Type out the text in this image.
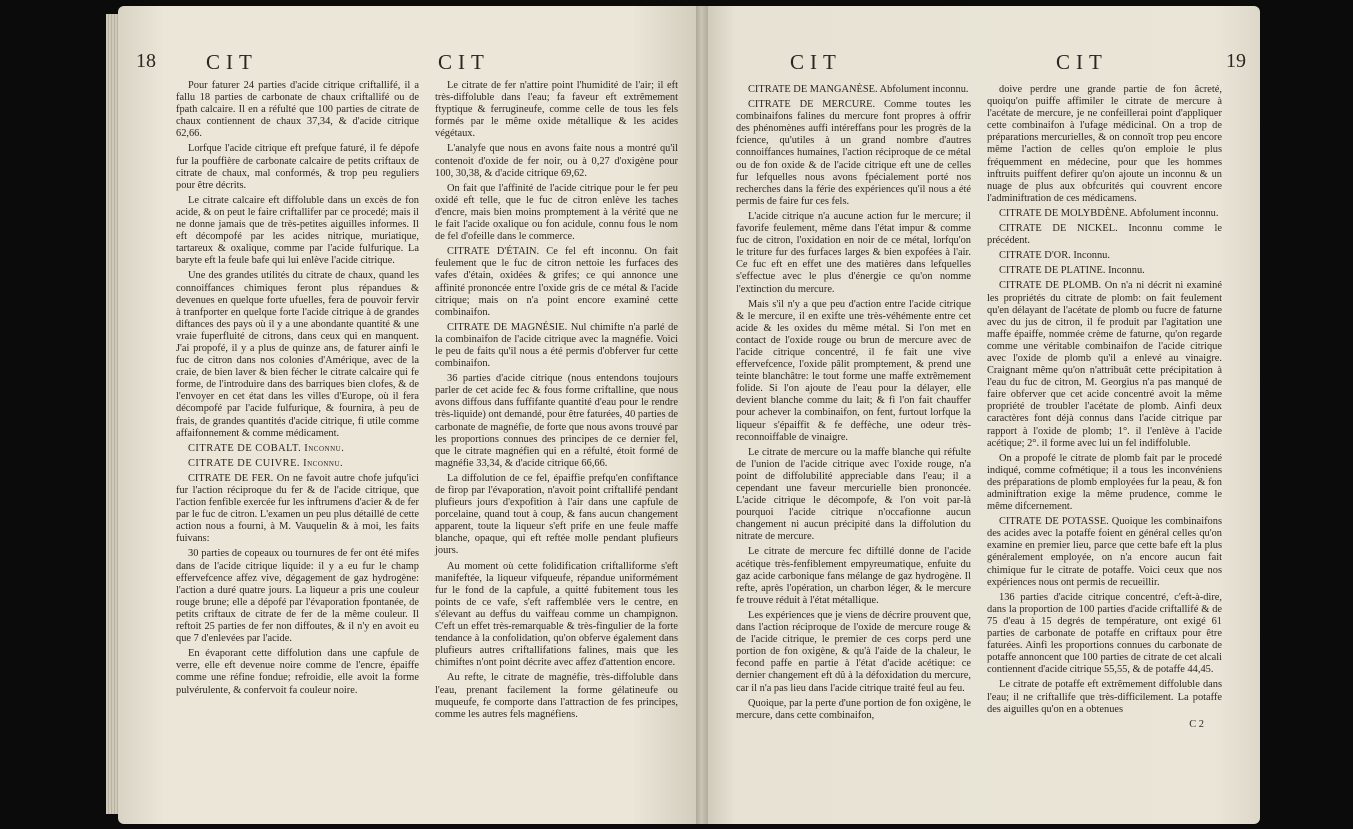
18 CIT	CIT

Pour faturer 24 parties d'acide citrique criftallifé, il a fallu 18 parties de carbonate de chaux criftallifé ou de fpath calcaire. Il en a réfulté que 100 parties de citrate de chaux contiennent de chaux 37,34, & d'acide citrique 62,66.

Lorfque l'acide citrique eft prefque faturé, il fe dépofe fur la pouffière de carbonate calcaire de petits criftaux de citrate de chaux, mal conformés, & trop peu reguliers pour être décrits.

Le citrate calcaire eft diffoluble dans un excès de fon acide, & on peut le faire criftallifer par ce procedé; mais il ne donne jamais que de très-petites aiguilles informes. Il eft décompofé par les acides nitrique, muriatique, tartareux & oxalique, comme par l'acide fulfurique. La baryte eft la feule bafe qui lui enlève l'acide citrique.

Une des grandes utilités du citrate de chaux, quand les connoiffances chimiques feront plus répandues & devenues en quelque forte ufuelles, fera de pouvoir fervir à tranfporter en quelque forte l'acide citrique à de grandes diftances des pays où il y a une abondante quantité & une vraie fuperfluité de citrons, dans ceux qui en manquent. J'ai propofé, il y a plus de quinze ans, de faturer ainfi le fuc de citron dans nos colonies d'Amérique, avec de la craie, de bien laver & bien fécher le citrate calcaire qui fe forme, de l'introduire dans des barriques bien clofes, & de l'envoyer en cet état dans les villes d'Europe, où il fera décompofé par l'acide fulfurique, & fournira, à peu de frais, de grandes quantités d'acide citrique, fi utile comme affaifonnement & comme médicament.

CITRATE DE COBALT. Inconnu.

CITRATE DE CUIVRE. Inconnu.

CITRATE DE FER. On ne favoit autre chofe jufqu'ici fur l'action réciproque du fer & de l'acide citrique, que l'action fenfible exercée fur les inftrumens d'acier & de fer par le fuc de citron. L'examen un peu plus détaillé de cette action nous a fourni, à M. Vauquelin & à moi, les faits fuivans:

30 parties de copeaux ou tournures de fer ont été mifes dans de l'acide citrique liquide: il y a eu fur le champ effervefcence affez vive, dégagement de gaz hydrogène: l'action a duré quatre jours. La liqueur a pris une couleur rouge brune; elle a dépofé par l'évaporation fpontanée, de petits criftaux de citrate de fer de la même couleur. Il reftoit 25 parties de fer non diffoutes, & il n'y en avoit eu que 7 d'enlevées par l'acide.

En évaporant cette diffolution dans une capfule de verre, elle eft devenue noire comme de l'encre, épaiffe comme une réfine fondue; refroidie, elle avoit la forme pulvérulente, & confervoit fa couleur noire.

Le citrate de fer n'attire point l'humidité de l'air; il eft très-diffoluble dans l'eau; fa faveur eft extrêmement ftyptique & ferrugineufe, comme celle de tous les fels formés par le même oxide métallique & les acides végétaux.

L'analyfe que nous en avons faite nous a montré qu'il contenoit d'oxide de fer noir, ou à 0,27 d'oxigène pour 100, 30,38, & d'acide citrique 69,62.

On fait que l'affinité de l'acide citrique pour le fer peu oxidé eft telle, que le fuc de citron enlève les taches d'encre, mais bien moins promptement à la vérité que ne le fait l'acide oxalique ou fon acidule, connu fous le nom de fel d'ofeille dans le commerce.

CITRATE D'ÉTAIN. Ce fel eft inconnu. On fait feulement que le fuc de citron nettoie les furfaces des vafes d'étain, oxidées & grifes; ce qui annonce une affinité prononcée entre l'oxide gris de ce métal & l'acide citrique; mais on n'a point encore examiné cette combinaifon.

CITRATE DE MAGNÉSIE. Nul chimifte n'a parlé de la combinaifon de l'acide citrique avec la magnéfie. Voici le peu de faits qu'il nous a été permis d'obferver fur cette combinaifon.

36 parties d'acide citrique (nous entendons toujours parler de cet acide fec & fous forme criftalline, que nous avons diffous dans fuffifante quantité d'eau pour le rendre très-liquide) ont demandé, pour être faturées, 40 parties de carbonate de magnéfie, de forte que nous avons trouvé par les proportions connues des principes de ce dernier fel, que le citrate magnéfien qui en a réfulté, étoit formé de magnéfie 33,34, & d'acide citrique 66,66.

La diffolution de ce fel, épaiffie prefqu'en confiftance de firop par l'évaporation, n'avoit point criftallifé pendant plufieurs jours d'expofition à l'air dans une capfule de porcelaine, quand tout à coup, & fans aucun changement apparent, toute la liqueur s'eft prife en une feule maffe blanche, opaque, qui eft reftée molle pendant plufieurs jours.

Au moment où cette folidification criftalliforme s'eft manifeftée, la liqueur vifqueufe, répandue uniformément fur le fond de la capfule, a quitté fubitement tous les points de ce vafe, s'eft raffemblée vers le centre, en s'élevant au deffus du vaiffeau comme un champignon. C'eft un effet très-remarquable & très-fingulier de la forte tendance à la confolidation, qu'on obferve également dans plufieurs autres criftallifations falines, mais que les chimiftes n'ont point décrite avec affez d'attention encore.

Au refte, le citrate de magnéfie, très-diffoluble dans l'eau, prenant facilement la forme gélatineufe ou muqueufe, fe comporte dans l'attraction de fes principes, comme les autres fels magnéfiens.

CIT	CIT	19

CITRATE DE MANGANÈSE. Abfolument inconnu.

CITRATE DE MERCURE. Comme toutes les combinaifons falines du mercure font propres à offrir des phénomènes auffi intéreffans pour les progrès de la fcience, qu'utiles à un grand nombre d'autres connoiffances humaines, l'action réciproque de ce métal ou de fon oxide & de l'acide citrique eft une de celles fur lefquelles nous avons fpécialement porté nos recherches dans la férie des expériences qu'il nous a été permis de faire fur ces fels.

L'acide citrique n'a aucune action fur le mercure; il favorife feulement, même dans l'état impur & comme fuc de citron, l'oxidation en noir de ce métal, lorfqu'on le triture fur des furfaces larges & bien expofées à l'air. Ce fuc eft en effet une des matières dans lefquelles s'effectue avec le plus d'énergie ce qu'on nomme l'extinction du mercure.

Mais s'il n'y a que peu d'action entre l'acide citrique & le mercure, il en exifte une très-véhémente entre cet acide & les oxides du même métal. Si l'on met en contact de l'oxide rouge ou brun de mercure avec de l'acide citrique concentré, il fe fait une vive effervefcence, l'oxide pâlit promptement, & prend une teinte blanchâtre: le tout forme une maffe extrêmement folide. Si l'on ajoute de l'eau pour la délayer, elle devient blanche comme du lait; & fi l'on fait chauffer pour achever la combinaifon, on fent, furtout lorfque la liqueur s'épaiffit & fe deffèche, une odeur très-reconnoiffable de vinaigre.

Le citrate de mercure ou la maffe blanche qui réfulte de l'union de l'acide citrique avec l'oxide rouge, n'a point de diffolubilité appreciable dans l'eau; il a cependant une faveur mercurielle bien prononcée. L'acide citrique le décompofe, & l'on voit par-là pourquoi l'acide citrique n'occafionne aucun changement ni aucun précipité dans la diffolution du nitrate de mercure.

Le citrate de mercure fec diftillé donne de l'acide acétique très-fenfiblement empyreumatique, enfuite du gaz acide carbonique fans mélange de gaz hydrogène. Il refte, après l'opération, un charbon léger, & le mercure fe trouve réduit à l'état métallique.

Les expériences que je viens de décrire prouvent que, dans l'action réciproque de l'oxide de mercure rouge & de l'acide citrique, le premier de ces corps perd une portion de fon oxigène, & qu'à l'aide de la chaleur, le fecond paffe en partie à l'état d'acide acétique: ce dernier changement eft dû à la défoxidation du mercure, car il n'a pas lieu dans l'acide citrique traité feul au feu.

Quoique, par la perte d'une portion de fon oxigène, le mercure, dans cette combinaifon,

doive perdre une grande partie de fon âcreté, quoiqu'on puiffe affimiler le citrate de mercure à l'acétate de mercure, je ne confeillerai point d'appliquer cette combinaifon à l'ufage médicinal. On a trop de préparations mercurielles, & on connoît trop peu encore même l'action de celles qu'on emploie le plus fréquemment en médecine, pour que les hommes inftruits puiffent defirer qu'on ajoute un inconnu & un nuage de plus aux obfcurités qui couvrent encore l'adminiftration de ces médicamens.

CITRATE DE MOLYBDÈNE. Abfolument inconnu.

CITRATE DE NICKEL. Inconnu comme le précédent.

CITRATE D'OR. Inconnu.

CITRATE DE PLATINE. Inconnu.

CITRATE DE PLOMB. On n'a ni décrit ni examiné les propriétés du citrate de plomb: on fait feulement qu'en délayant de l'acétate de plomb ou fucre de faturne avec du jus de citron, il fe produit par l'agitation une maffe épaiffe, nommée crème de faturne, qu'on regarde comme une véritable combinaifon de l'acide citrique avec l'oxide de plomb qu'il a enlevé au vinaigre. Craignant même qu'on n'attribuât cette précipitation à l'eau du fuc de citron, M. Georgius n'a pas manqué de faire obferver que cet acide concentré avoit la même propriété de troubler l'acétate de plomb. Ainfi deux caractères font déjà connus dans l'acide citrique par rapport à l'oxide de plomb; 1°. il l'enlève à l'acide acétique; 2°. il forme avec lui un fel indiffoluble.

On a propofé le citrate de plomb fait par le procedé indiqué, comme cofmétique; il a tous les inconvéniens des préparations de plomb employées fur la peau, & fon adminiftration exige la même prudence, comme le même difcernement.

CITRATE DE POTASSE. Quoique les combinaifons des acides avec la potaffe foient en général celles qu'on examine en premier lieu, parce que cette bafe eft la plus généralement employée, on n'a encore aucun fait chimique fur le citrate de potaffe. Voici ceux que nos expériences nous ont permis de recueillir.

136 parties d'acide citrique concentré, c'eft-à-dire, dans la proportion de 100 parties d'acide criftallifé & de 75 d'eau à 15 degrés de température, ont exigé 61 parties de carbonate de potaffe en criftaux pour être faturées. Ainfi les proportions connues du carbonate de potaffe annoncent que 100 parties de citrate de cet alcali contiennent d'acide citrique 55,55, & de potaffe 44,45.

Le citrate de potaffe eft extrêmement diffoluble dans l'eau; il ne criftallife que très-difficilement. La potaffe des aiguilles qu'on en a obtenues

C 2
